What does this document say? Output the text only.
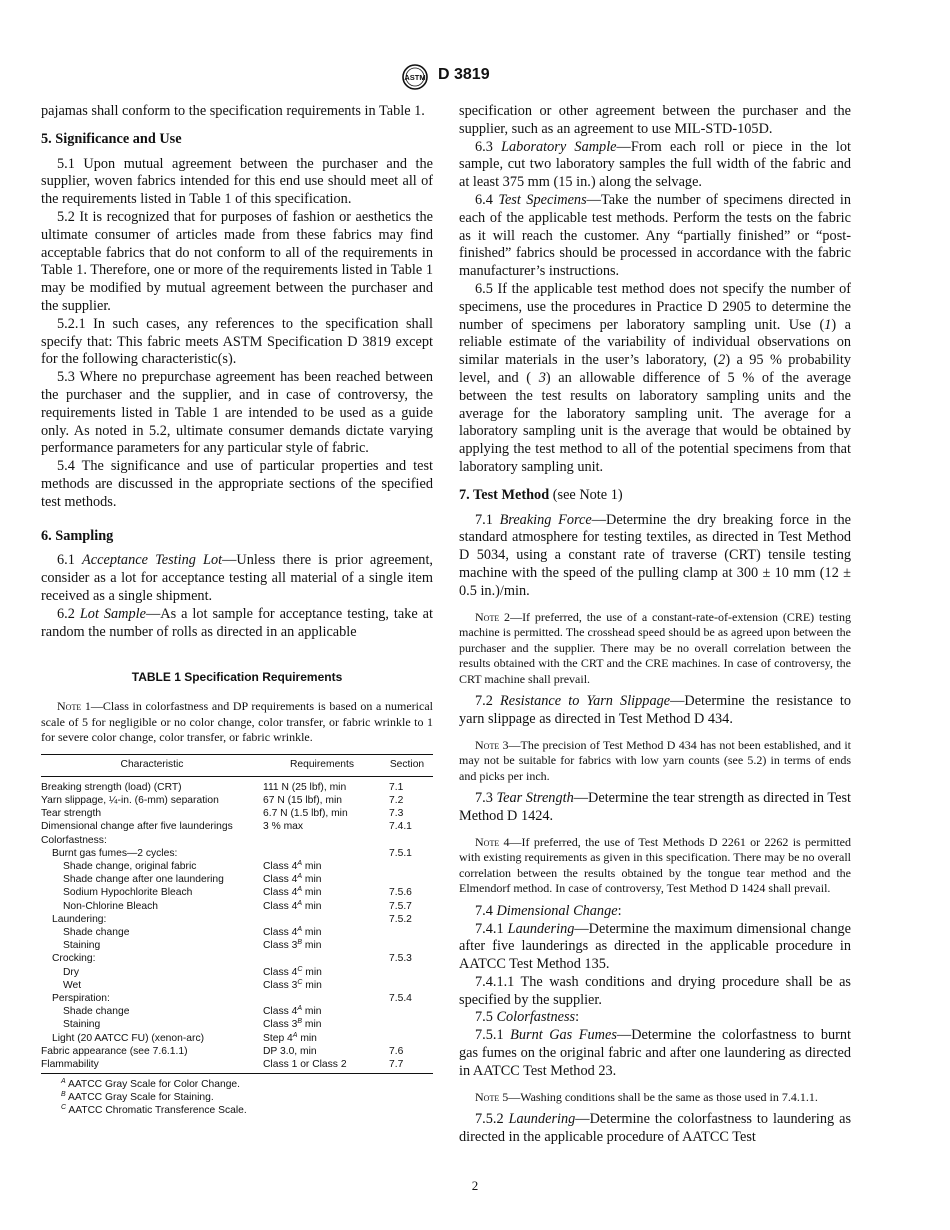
ASTM D 3819

pajamas shall conform to the specification requirements in Table 1.

5. Significance and Use

5.1 Upon mutual agreement between the purchaser and the supplier, woven fabrics intended for this end use should meet all of the requirements listed in Table 1 of this specification.

5.2 It is recognized that for purposes of fashion or aesthetics the ultimate consumer of articles made from these fabrics may find acceptable fabrics that do not conform to all of the requirements in Table 1. Therefore, one or more of the requirements listed in Table 1 may be modified by mutual agreement between the purchaser and the supplier.

5.2.1 In such cases, any references to the specification shall specify that: This fabric meets ASTM Specification D 3819 except for the following characteristic(s).

5.3 Where no prepurchase agreement has been reached between the purchaser and the supplier, and in case of controversy, the requirements listed in Table 1 are intended to be used as a guide only. As noted in 5.2, ultimate consumer demands dictate varying performance parameters for any particular style of fabric.

5.4 The significance and use of particular properties and test methods are discussed in the appropriate sections of the specified test methods.

6. Sampling

6.1 Acceptance Testing Lot—Unless there is prior agreement, consider as a lot for acceptance testing all material of a single item received as a single shipment.

6.2 Lot Sample—As a lot sample for acceptance testing, take at random the number of rolls as directed in an applicable

TABLE 1 Specification Requirements
Note 1—Class in colorfastness and DP requirements is based on a numerical scale of 5 for negligible or no color change, color transfer, or fabric wrinkle to 1 for severe color change, color transfer, or fabric wrinkle.
Characteristic	Requirements	Section
Breaking strength (load) (CRT)	111 N (25 lbf), min	7.1
Yarn slippage, ¼-in. (6-mm) separation	67 N (15 lbf), min	7.2
Tear strength	6.7 N (1.5 lbf), min	7.3
Dimensional change after five launderings	3 % max	7.4.1
Colorfastness:		
Burnt gas fumes—2 cycles:		7.5.1
Shade change, original fabric	Class $4^A$ min	
Shade change after one laundering	Class $4^A$ min	
Sodium Hypochlorite Bleach	Class $4^A$ min	7.5.6
Non-Chlorine Bleach	Class $4^A$ min	7.5.7
Laundering:		7.5.2
Shade change	Class $4^A$ min	
Staining	Class $3^B$ min	
Crocking:		7.5.3
Dry	Class $4^C$ min	
Wet	Class $3^C$ min	
Perspiration:		7.5.4
Shade change	Class $4^A$ min	
Staining	Class $3^B$ min	
Light (20 AATCC FU) (xenon-arc)	Step $4^A$ min	
Fabric appearance (see 7.6.1.1)	DP 3.0, min	7.6
Flammability	Class 1 or Class 2	7.7
$^A$ AATCC Gray Scale for Color Change.
$^B$ AATCC Gray Scale for Staining.
$^C$ AATCC Chromatic Transference Scale.

specification or other agreement between the purchaser and the supplier, such as an agreement to use MIL-STD-105D.

6.3 Laboratory Sample—From each roll or piece in the lot sample, cut two laboratory samples the full width of the fabric and at least 375 mm (15 in.) along the selvage.

6.4 Test Specimens—Take the number of specimens directed in each of the applicable test methods. Perform the tests on the fabric as it will reach the customer. Any “partially finished” or “post-finished” fabrics should be processed in accordance with the fabric manufacturer’s instructions.

6.5 If the applicable test method does not specify the number of specimens, use the procedures in Practice D 2905 to determine the number of specimens per laboratory sampling unit. Use (1) a reliable estimate of the variability of individual observations on similar materials in the user’s laboratory, (2) a 95 % probability level, and ( 3) an allowable difference of 5 % of the average between the test results on laboratory sampling units and the average for the laboratory sampling unit. The average for a laboratory sampling unit is the average that would be obtained by applying the test method to all of the potential specimens from that laboratory sampling unit.

7. Test Method (see Note 1)

7.1 Breaking Force—Determine the dry breaking force in the standard atmosphere for testing textiles, as directed in Test Method D 5034, using a constant rate of traverse (CRT) tensile testing machine with the speed of the pulling clamp at 300 ± 10 mm (12 ± 0.5 in.)/min.

Note 2—If preferred, the use of a constant-rate-of-extension (CRE) testing machine is permitted. The crosshead speed should be as agreed upon between the purchaser and the supplier. There may be no overall correlation between the results obtained with the CRT and the CRE machines. In case of controversy, the CRT machine shall prevail.

7.2 Resistance to Yarn Slippage—Determine the resistance to yarn slippage as directed in Test Method D 434.

Note 3—The precision of Test Method D 434 has not been established, and it may not be suitable for fabrics with low yarn counts (see 5.2) in terms of ends and picks per inch.

7.3 Tear Strength—Determine the tear strength as directed in Test Method D 1424.

Note 4—If preferred, the use of Test Methods D 2261 or 2262 is permitted with existing requirements as given in this specification. There may be no overall correlation between the results obtained by the tongue tear method and the Elmendorf method. In case of controversy, Test Method D 1424 shall prevail.

7.4 Dimensional Change:

7.4.1 Laundering—Determine the maximum dimensional change after five launderings as directed in the applicable procedure in AATCC Test Method 135.

7.4.1.1 The wash conditions and drying procedure shall be as specified by the supplier.

7.5 Colorfastness:

7.5.1 Burnt Gas Fumes—Determine the colorfastness to burnt gas fumes on the original fabric and after one laundering as directed in AATCC Test Method 23.

Note 5—Washing conditions shall be the same as those used in 7.4.1.1.

7.5.2 Laundering—Determine the colorfastness to laundering as directed in the applicable procedure of AATCC Test

2
